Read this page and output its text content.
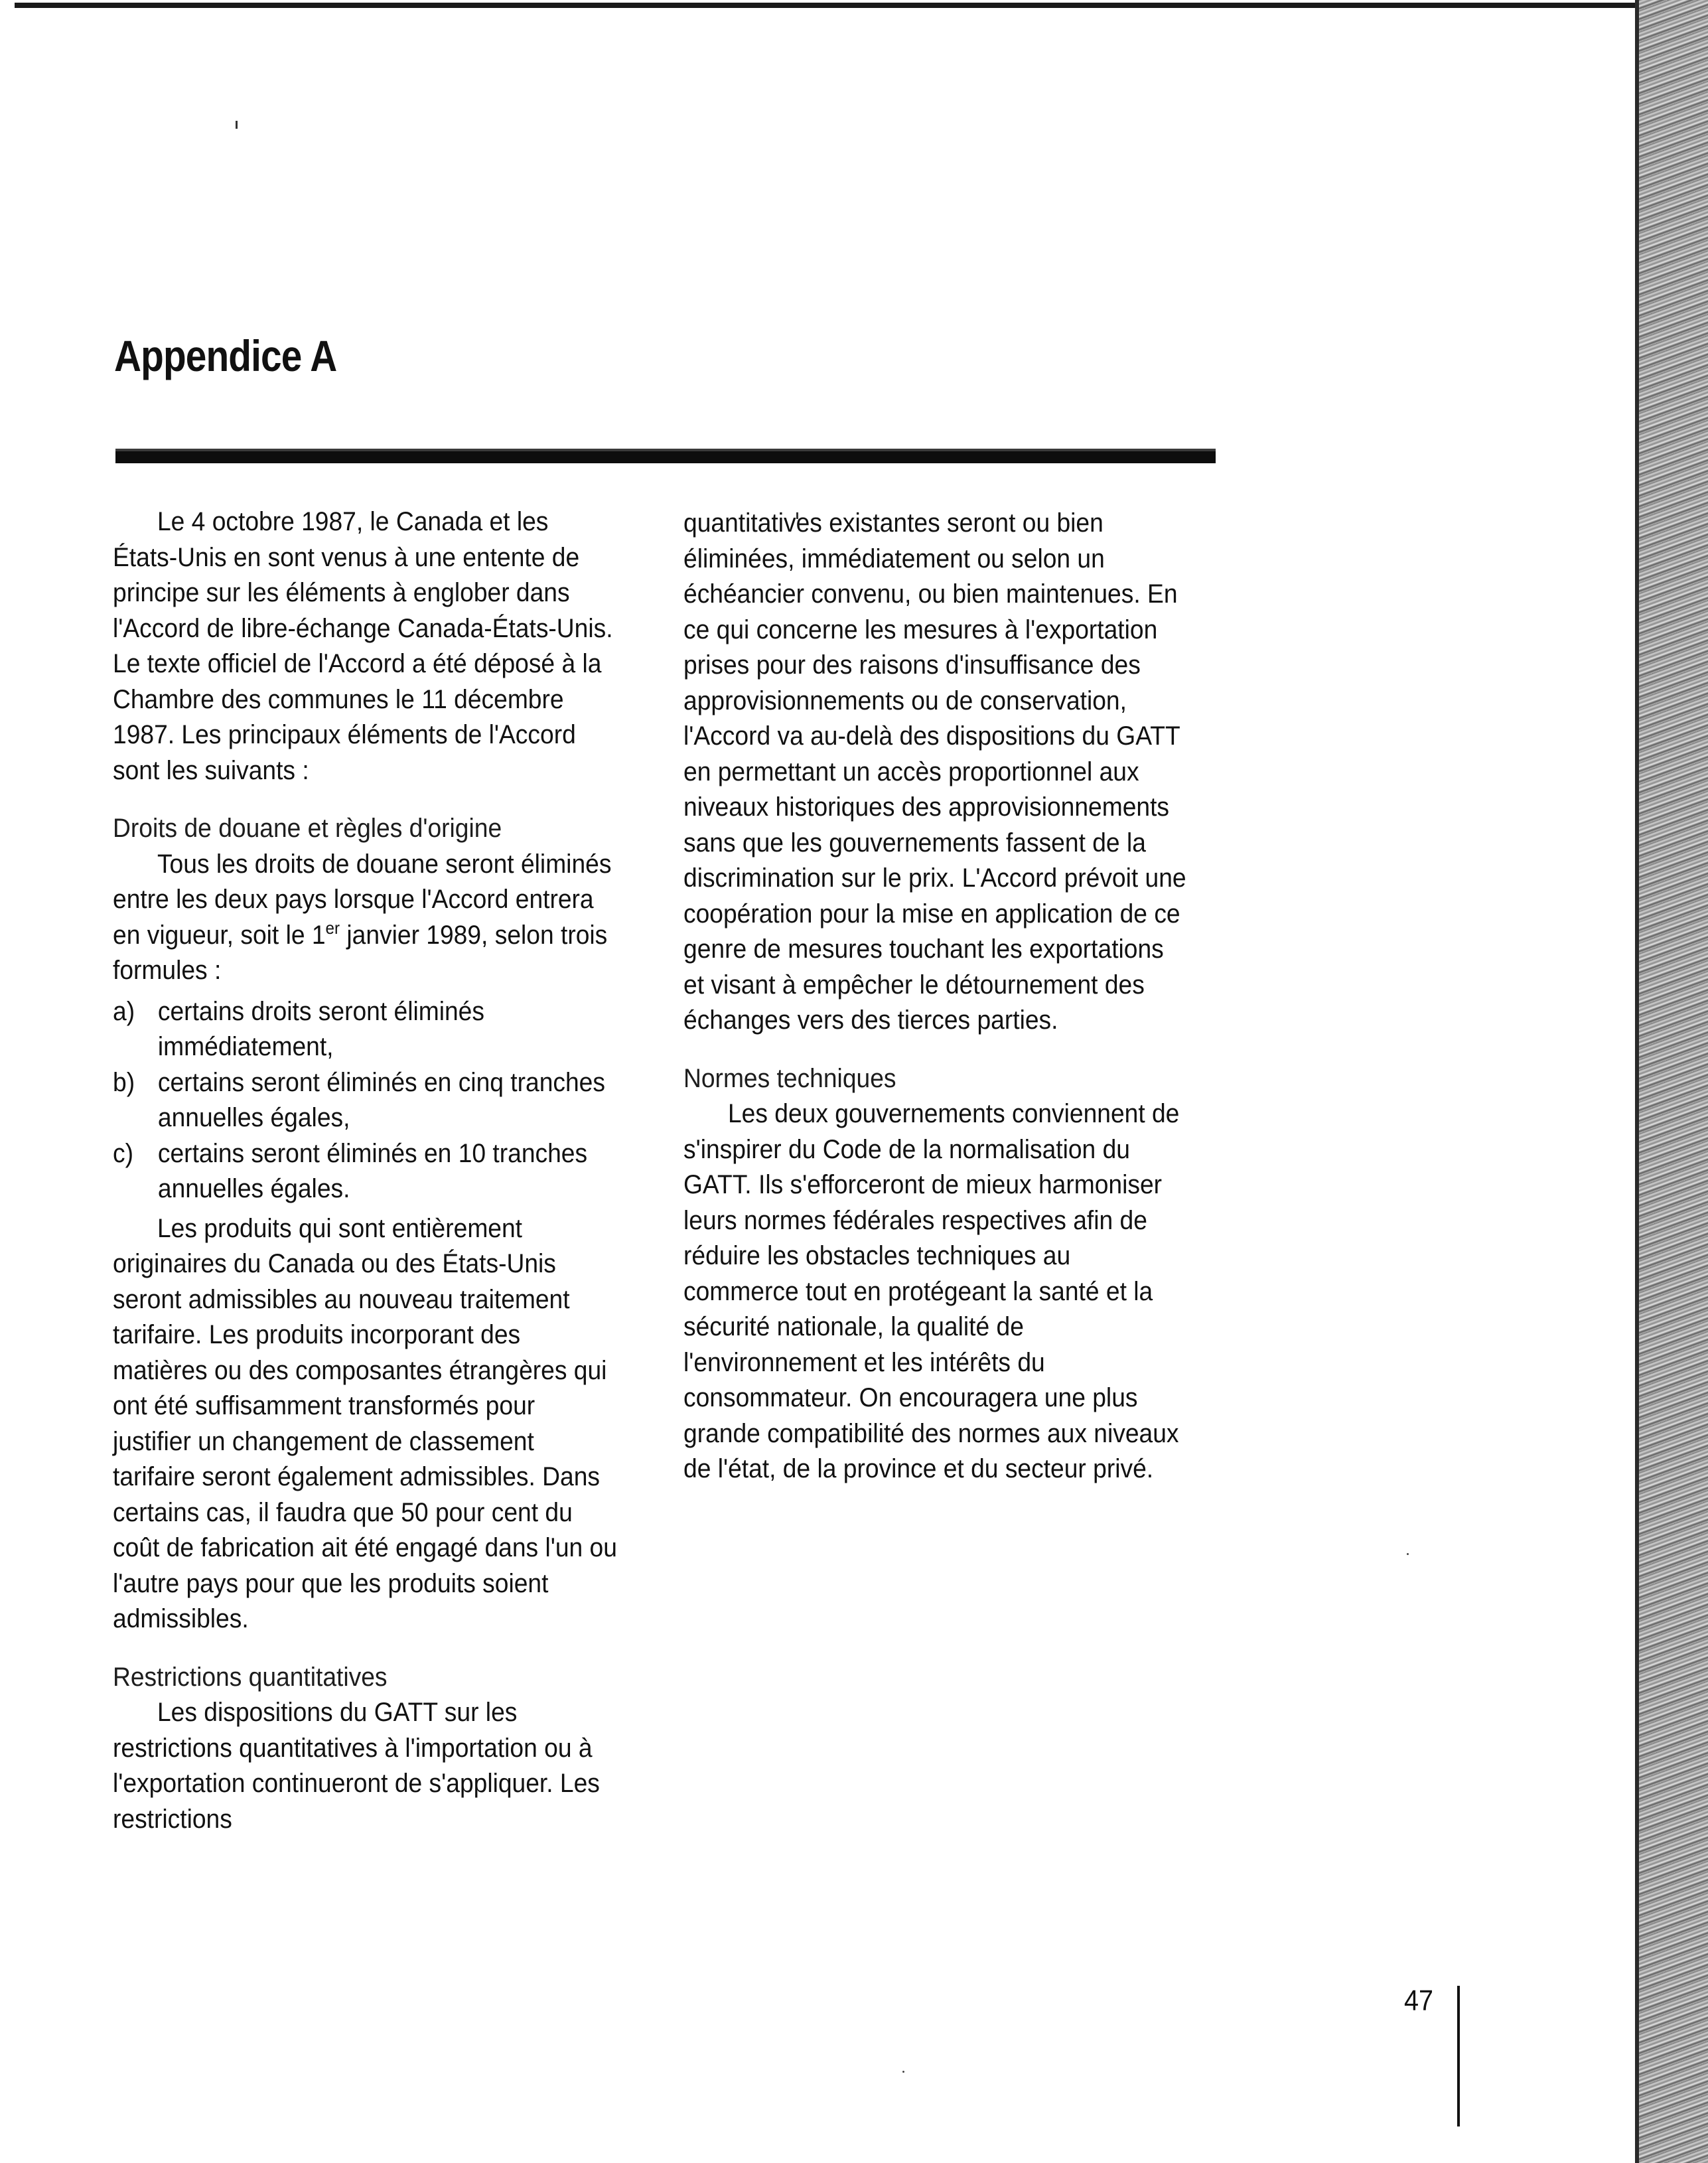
Appendice A

Le 4 octobre 1987, le Canada et les États-Unis en sont venus à une entente de principe sur les éléments à englober dans l'Accord de libre-échange Canada-États-Unis. Le texte officiel de l'Accord a été déposé à la Chambre des communes le 11 décembre 1987. Les principaux éléments de l'Accord sont les suivants :

Droits de douane et règles d'origine

Tous les droits de douane seront éliminés entre les deux pays lorsque l'Accord entrera en vigueur, soit le 1er janvier 1989, selon trois formules :

a) certains droits seront éliminés immédiatement,
b) certains seront éliminés en cinq tranches annuelles égales,
c) certains seront éliminés en 10 tranches annuelles égales.

Les produits qui sont entièrement originaires du Canada ou des États-Unis seront admissibles au nouveau traitement tarifaire. Les produits incorporant des matières ou des composantes étrangères qui ont été suffisamment transformés pour justifier un changement de classement tarifaire seront également admissibles. Dans certains cas, il faudra que 50 pour cent du coût de fabrication ait été engagé dans l'un ou l'autre pays pour que les produits soient admissibles.

Restrictions quantitatives

Les dispositions du GATT sur les restrictions quantitatives à l'importation ou à l'exportation continueront de s'appliquer. Les restrictions

quantitatives existantes seront ou bien éliminées, immédiatement ou selon un échéancier convenu, ou bien maintenues. En ce qui concerne les mesures à l'exportation prises pour des raisons d'insuffisance des approvisionnements ou de conservation, l'Accord va au-delà des dispositions du GATT en permettant un accès proportionnel aux niveaux historiques des approvisionnements sans que les gouvernements fassent de la discrimination sur le prix. L'Accord prévoit une coopération pour la mise en application de ce genre de mesures touchant les exportations et visant à empêcher le détournement des échanges vers des tierces parties.

Normes techniques

Les deux gouvernements conviennent de s'inspirer du Code de la normalisation du GATT. Ils s'efforceront de mieux harmoniser leurs normes fédérales respectives afin de réduire les obstacles techniques au commerce tout en protégeant la santé et la sécurité nationale, la qualité de l'environnement et les intérêts du consommateur. On encouragera une plus grande compatibilité des normes aux niveaux de l'état, de la province et du secteur privé.

47
